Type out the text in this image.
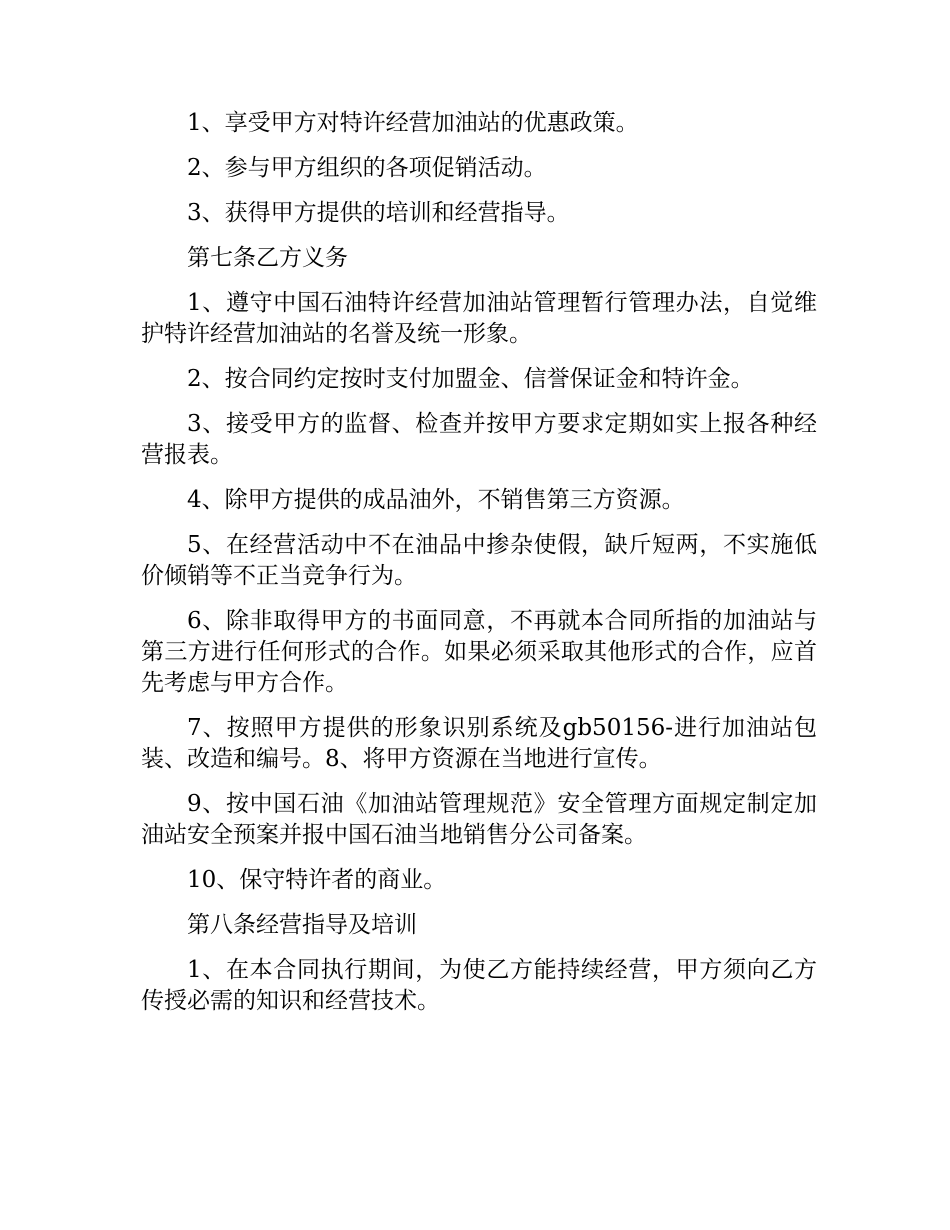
1、享受甲方对特许经营加油站的优惠政策。

2、参与甲方组织的各项促销活动。

3、获得甲方提供的培训和经营指导。

第七条乙方义务

1、遵守中国石油特许经营加油站管理暂行管理办法，自觉维护特许经营加油站的名誉及统一形象。

2、按合同约定按时支付加盟金、信誉保证金和特许金。

3、接受甲方的监督、检查并按甲方要求定期如实上报各种经营报表。

4、除甲方提供的成品油外，不销售第三方资源。

5、在经营活动中不在油品中掺杂使假，缺斤短两，不实施低价倾销等不正当竞争行为。

6、除非取得甲方的书面同意，不再就本合同所指的加油站与第三方进行任何形式的合作。如果必须采取其他形式的合作，应首先考虑与甲方合作。

7、按照甲方提供的形象识别系统及gb50156-进行加油站包装、改造和编号。8、将甲方资源在当地进行宣传。

9、按中国石油《加油站管理规范》安全管理方面规定制定加油站安全预案并报中国石油当地销售分公司备案。

10、保守特许者的商业。

第八条经营指导及培训

1、在本合同执行期间，为使乙方能持续经营，甲方须向乙方传授必需的知识和经营技术。
